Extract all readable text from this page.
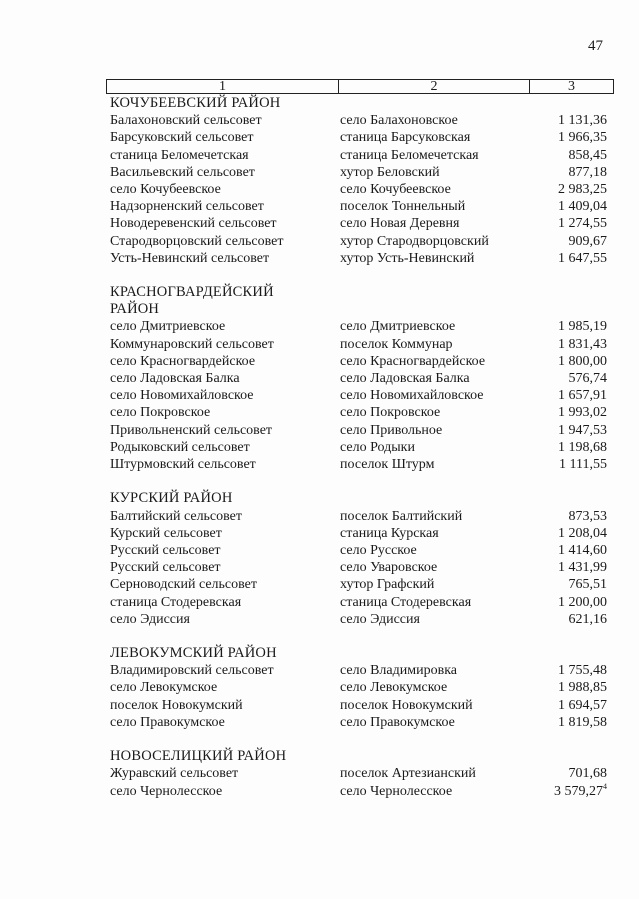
47
1	2	3
КОЧУБЕЕВСКИЙ РАЙОН
Балахоновский сельсовет	село Балахоновское	1 131,36
Барсуковский сельсовет	станица Барсуковская	1 966,35
станица Беломечетская	станица Беломечетская	858,45
Васильевский сельсовет	хутор Беловский	877,18
село Кочубеевское	село Кочубеевское	2 983,25
Надзорненский сельсовет	поселок Тоннельный	1 409,04
Новодеревенский сельсовет	село Новая Деревня	1 274,55
Стародворцовский сельсовет	хутор Стародворцовский	909,67
Усть-Невинский сельсовет	хутор Усть-Невинский	1 647,55
КРАСНОГВАРДЕЙСКИЙ
РАЙОН
село Дмитриевское	село Дмитриевское	1 985,19
Коммунаровский сельсовет	поселок Коммунар	1 831,43
село Красногвардейское	село Красногвардейское	1 800,00
село Ладовская Балка	село Ладовская Балка	576,74
село Новомихайловское	село Новомихайловское	1 657,91
село Покровское	село Покровское	1 993,02
Привольненский сельсовет	село Привольное	1 947,53
Родыковский сельсовет	село Родыки	1 198,68
Штурмовский сельсовет	поселок Штурм	1 111,55
КУРСКИЙ РАЙОН
Балтийский сельсовет	поселок Балтийский	873,53
Курский сельсовет	станица Курская	1 208,04
Русский сельсовет	село Русское	1 414,60
Русский сельсовет	село Уваровское	1 431,99
Серноводский сельсовет	хутор Графский	765,51
станица Стодеревская	станица Стодеревская	1 200,00
село Эдиссия	село Эдиссия	621,16
ЛЕВОКУМСКИЙ РАЙОН
Владимировский сельсовет	село Владимировка	1 755,48
село Левокумское	село Левокумское	1 988,85
поселок Новокумский	поселок Новокумский	1 694,57
село Правокумское	село Правокумское	1 819,58
НОВОСЕЛИЦКИЙ РАЙОН
Журавский сельсовет	поселок Артезианский	701,68
село Чернолесское	село Чернолесское	3 579,27$^4$
